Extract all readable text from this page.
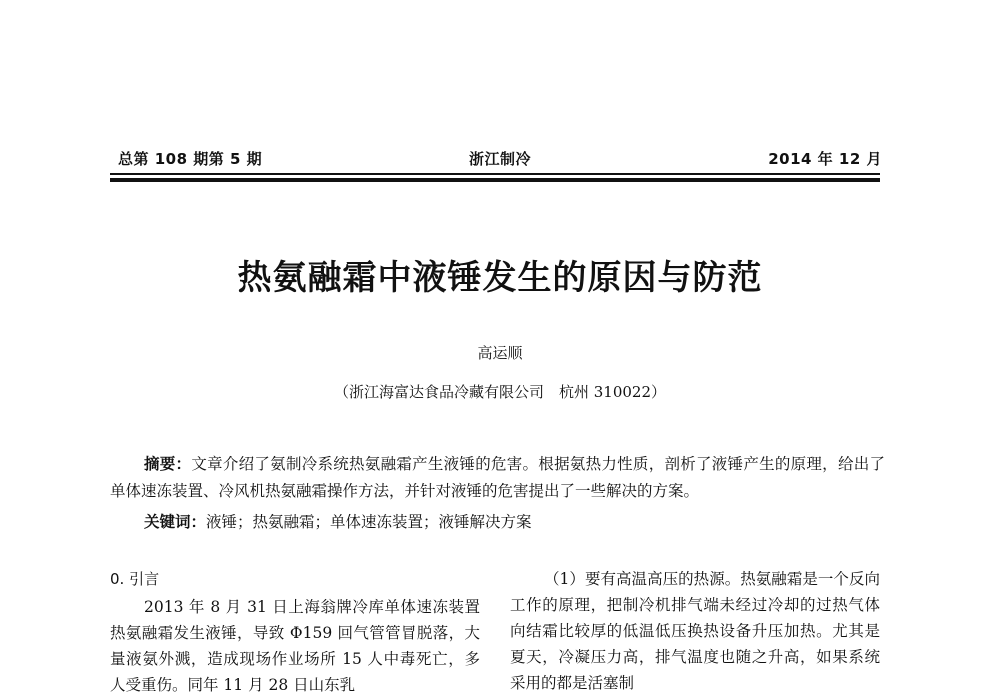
总第 108 期第 5 期	浙江制冷	2014 年 12 月
热氨融霜中液锤发生的原因与防范
高运顺
（浙江海富达食品冷藏有限公司　杭州 310022）
摘要：文章介绍了氨制冷系统热氨融霜产生液锤的危害。根据氨热力性质，剖析了液锤产生的原理，给出了单体速冻装置、冷风机热氨融霜操作方法，并针对液锤的危害提出了一些解决的方案。
关键词：液锤；热氨融霜；单体速冻装置；液锤解决方案
0. 引言
2013 年 8 月 31 日上海翁牌冷库单体速冻装置热氨融霜发生液锤，导致 Φ159 回气管管冒脱落，大量液氨外溅，造成现场作业场所 15 人中毒死亡，多人受重伤。同年 11 月 28 日山东乳
（1）要有高温高压的热源。热氨融霜是一个反向工作的原理，把制冷机排气端未经过冷却的过热气体向结霜比较厚的低温低压换热设备升压加热。尤其是夏天，冷凝压力高，排气温度也随之升高，如果系统采用的都是活塞制
